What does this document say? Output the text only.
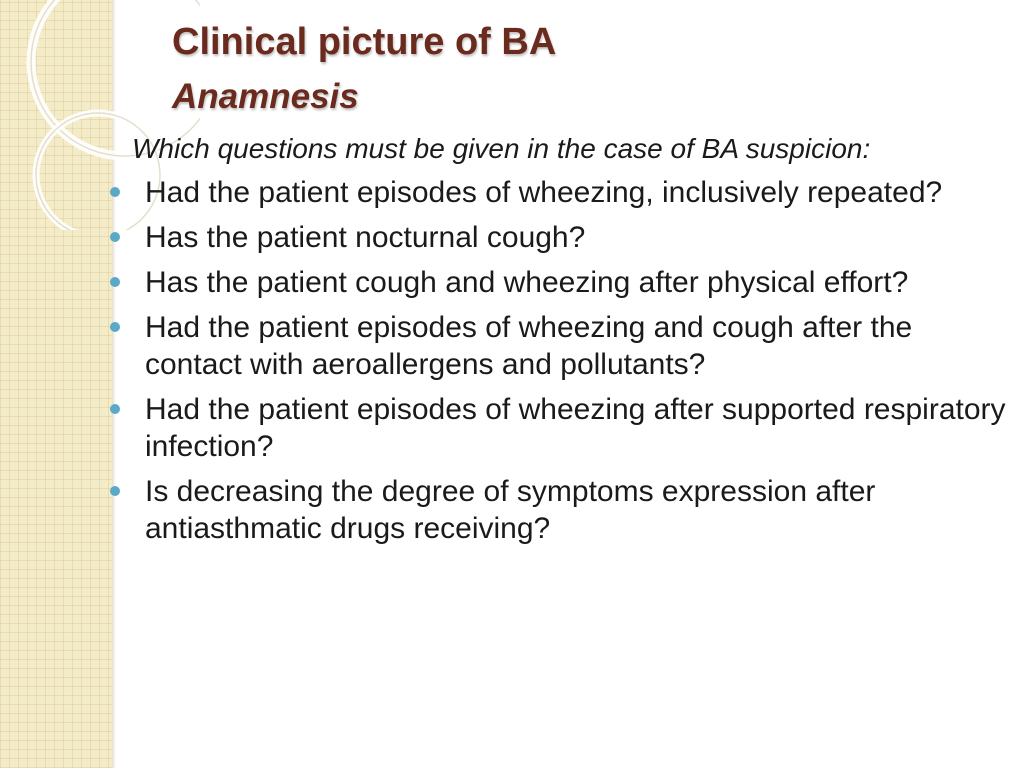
Clinical picture of BA
Anamnesis

Which questions must be given in the case of BA suspicion:

Had the patient episodes of wheezing, inclusively repeated?
Has the patient nocturnal cough?
Has the patient cough and wheezing after physical effort?
Had the patient episodes of wheezing and cough after the contact with aeroallergens and pollutants?
Had the patient episodes of wheezing after supported respiratory infection?
Is decreasing the degree of symptoms expression after antiasthmatic drugs receiving?
